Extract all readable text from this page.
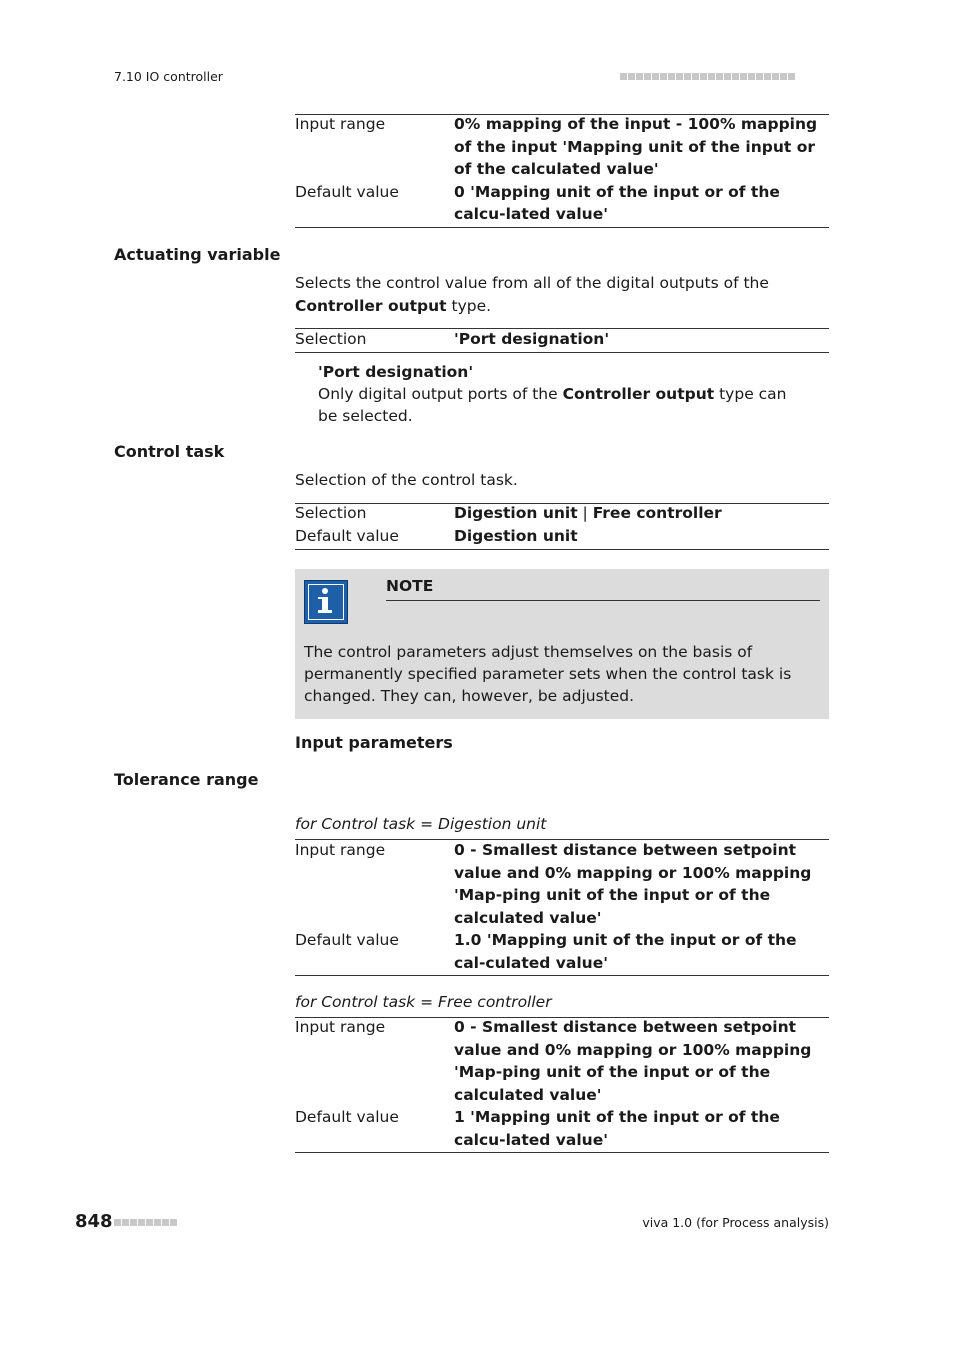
7.10 IO controller
Input range	0% mapping of the input - 100% mapping of the input 'Mapping unit of the input or of the calculated value'
Default value	0 'Mapping unit of the input or of the calcu-lated value'
Actuating variable
Selects the control value from all of the digital outputs of the Controller output type.
Selection	'Port designation'
'Port designation'
Only digital output ports of the Controller output type can be selected.
Control task
Selection of the control task.
Selection	Digestion unit | Free controller
Default value	Digestion unit
NOTE
The control parameters adjust themselves on the basis of permanently specified parameter sets when the control task is changed. They can, however, be adjusted.
Input parameters
Tolerance range
for Control task = Digestion unit
Input range	0 - Smallest distance between setpoint value and 0% mapping or 100% mapping 'Map-ping unit of the input or of the calculated value'
Default value	1.0 'Mapping unit of the input or of the cal-culated value'
for Control task = Free controller
Input range	0 - Smallest distance between setpoint value and 0% mapping or 100% mapping 'Map-ping unit of the input or of the calculated value'
Default value	1 'Mapping unit of the input or of the calcu-lated value'
848	viva 1.0 (for Process analysis)
